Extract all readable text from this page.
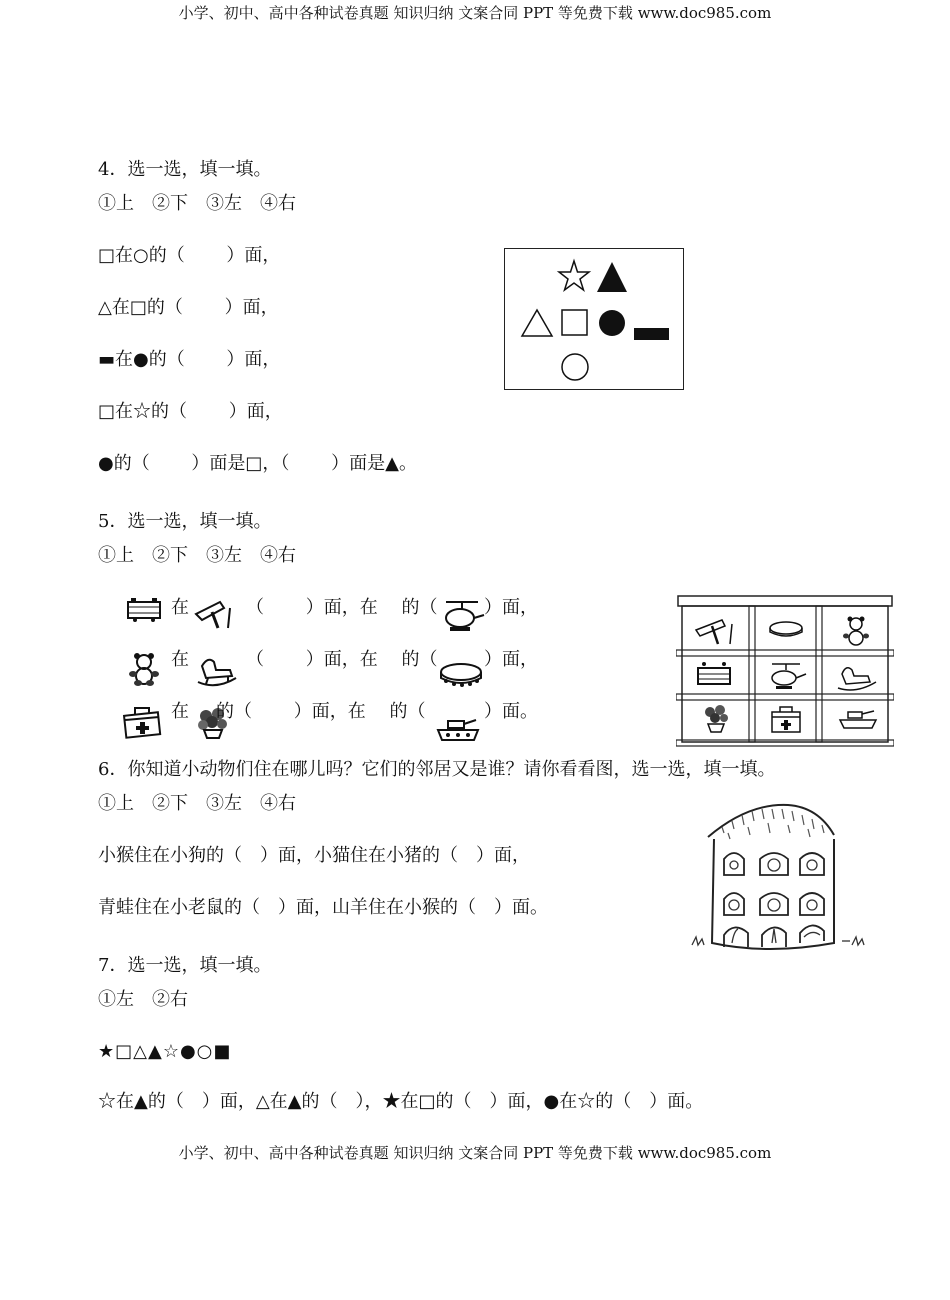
小学、初中、高中各种试卷真题 知识归纳 文案合同 PPT 等免费下载 www.doc985.com
4．选一选，填一填。
①上　②下　③左　④右
□在○的（　　 ）面，
△在□的（　　 ）面，
▬在●的（　　 ）面，
□在☆的（　　 ）面，
●的（　　 ）面是□，（　　 ）面是▲。
5．选一选，填一填。
①上　②下　③左　④右
在	（　　 ）面，在　 的（	）面，
在	（　　 ）面，在　 的（	）面，
在 的（　　 ）面，在　 的（	）面。
6．你知道小动物们住在哪儿吗？它们的邻居又是谁？请你看看图，选一选，填一填。
①上　②下　③左　④右
小猴住在小狗的（　）面，小猫住在小猪的（　）面，
青蛙住在小老鼠的（　）面，山羊住在小猴的（　）面。
7．选一选，填一填。
①左　②右
★□△▲☆●○■
☆在▲的（　）面，△在▲的（　），★在□的（　）面，●在☆的（　）面。
小学、初中、高中各种试卷真题 知识归纳 文案合同 PPT 等免费下载 www.doc985.com
